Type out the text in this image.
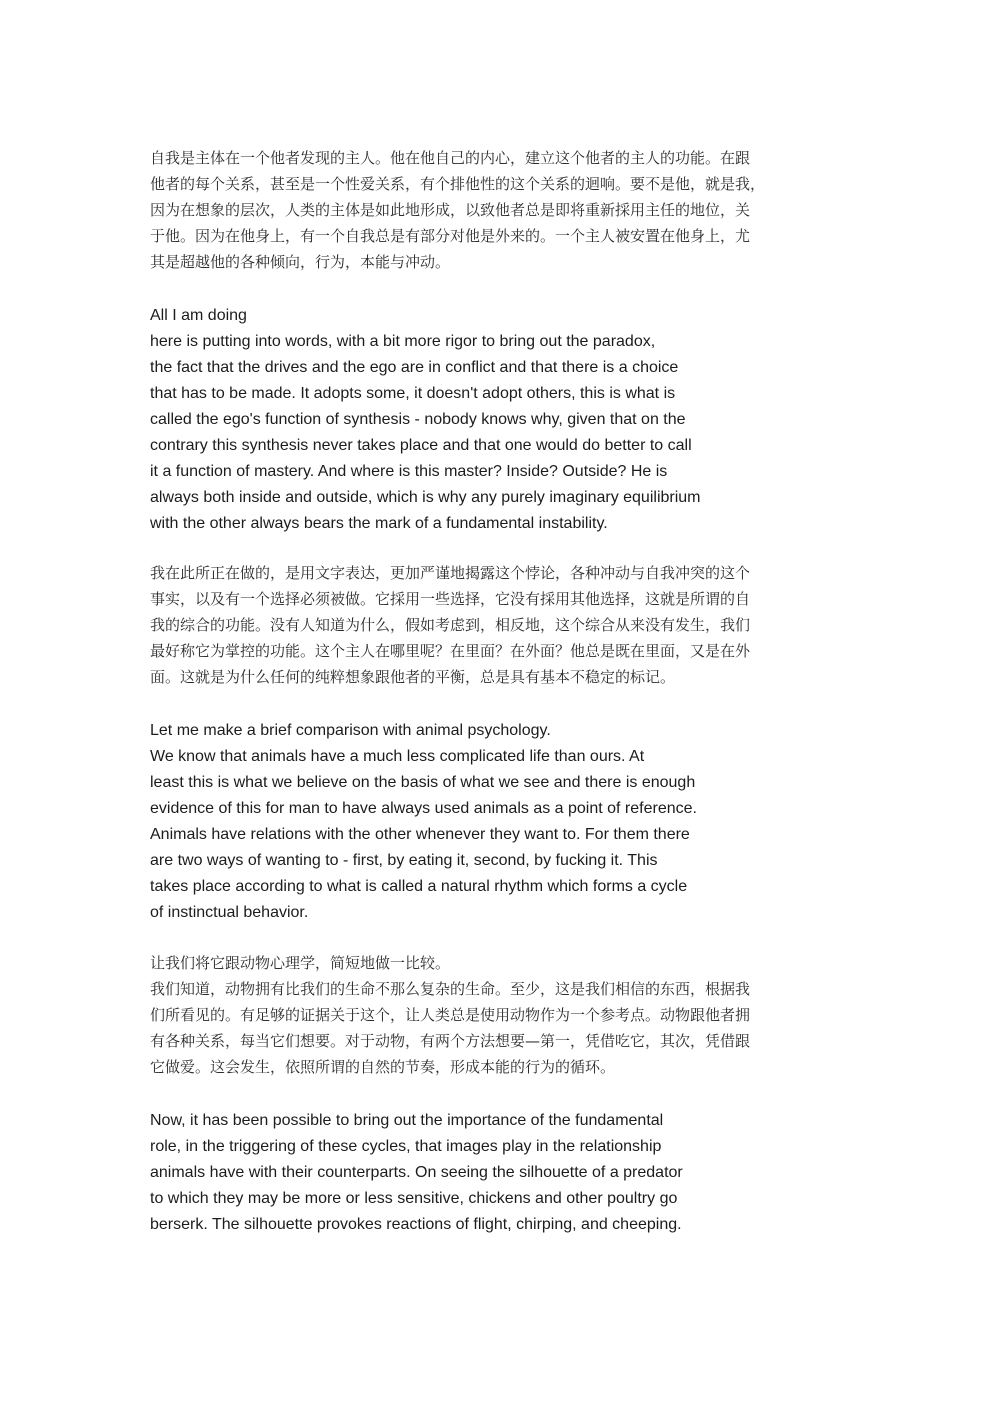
自我是主体在一个他者发现的主人。他在他自己的内心，建立这个他者的主人的功能。在跟
他者的每个关系，甚至是一个性爱关系，有个排他性的这个关系的迴响。要不是他，就是我，
因为在想象的层次，人类的主体是如此地形成，以致他者总是即将重新採用主任的地位，关
于他。因为在他身上，有一个自我总是有部分对他是外来的。一个主人被安置在他身上，尤
其是超越他的各种倾向，行为，本能与冲动。
All I am doing
here is putting into words, with a bit more rigor to bring out the paradox,
the fact that the drives and the ego are in conflict and that there is a choice
that has to be made. It adopts some, it doesn't adopt others, this is what is
called the ego's function of synthesis - nobody knows why, given that on the
contrary this synthesis never takes place and that one would do better to call
it a function of mastery. And where is this master? Inside? Outside? He is
always both inside and outside, which is why any purely imaginary equilibrium
with the other always bears the mark of a fundamental instability.
我在此所正在做的，是用文字表达，更加严谨地揭露这个悖论，各种冲动与自我冲突的这个
事实，以及有一个选择必须被做。它採用一些选择，它没有採用其他选择，这就是所谓的自
我的综合的功能。没有人知道为什么，假如考虑到，相反地，这个综合从来没有发生，我们
最好称它为掌控的功能。这个主人在哪里呢？在里面？在外面？他总是既在里面，又是在外
面。这就是为什么任何的纯粹想象跟他者的平衡，总是具有基本不稳定的标记。
Let me make a brief comparison with animal psychology.
We know that animals have a much less complicated life than ours. At
least this is what we believe on the basis of what we see and there is enough
evidence of this for man to have always used animals as a point of reference.
Animals have relations with the other whenever they want to. For them there
are two ways of wanting to - first, by eating it, second, by fucking it. This
takes place according to what is called a natural rhythm which forms a cycle
of instinctual behavior.
让我们将它跟动物心理学，简短地做一比较。
我们知道，动物拥有比我们的生命不那么复杂的生命。至少，这是我们相信的东西，根据我
们所看见的。有足够的证据关于这个，让人类总是使用动物作为一个参考点。动物跟他者拥
有各种关系，每当它们想要。对于动物，有两个方法想要—第一，凭借吃它，其次，凭借跟
它做爱。这会发生，依照所谓的自然的节奏，形成本能的行为的循环。
Now, it has been possible to bring out the importance of the fundamental
role, in the triggering of these cycles, that images play in the relationship
animals have with their counterparts. On seeing the silhouette of a predator
to which they may be more or less sensitive, chickens and other poultry go
berserk. The silhouette provokes reactions of flight, chirping, and cheeping.
